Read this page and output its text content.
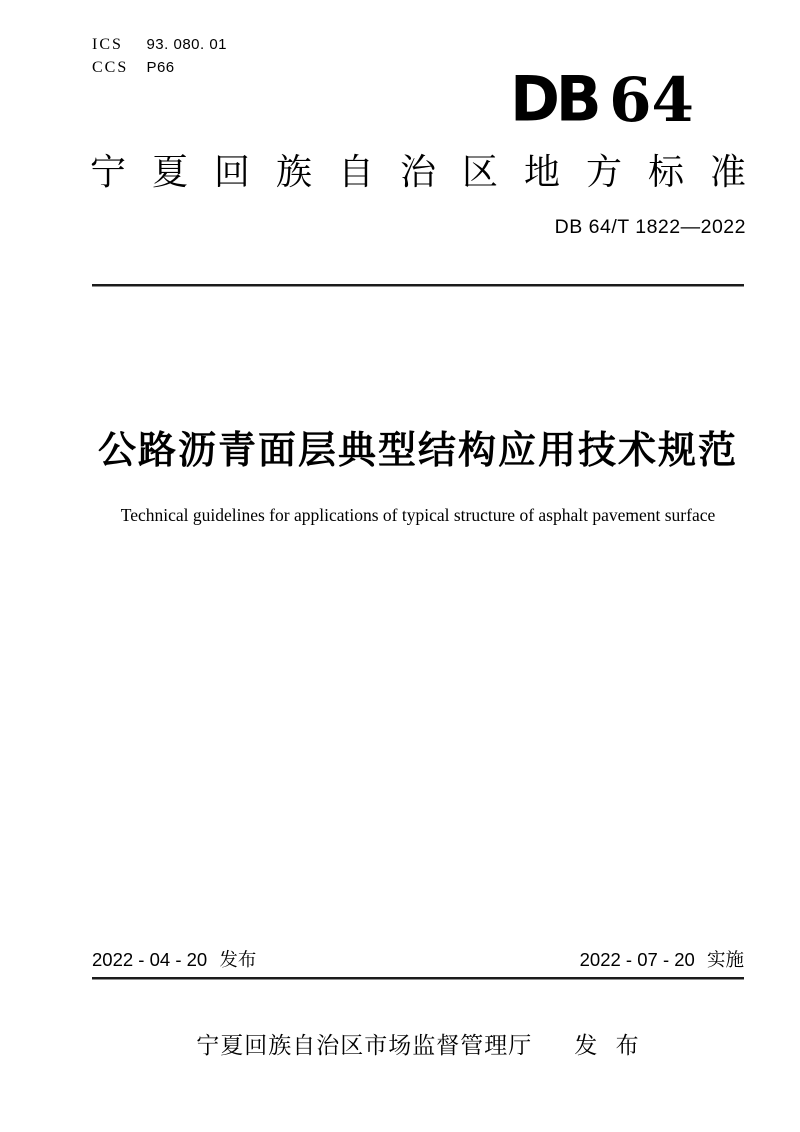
ICS 93. 080. 01
CCS P66	DB 64
宁 夏 回 族 自 治 区 地 方 标 准
DB 64/T 1822—2022
公路沥青面层典型结构应用技术规范
Technical guidelines for applications of typical structure of asphalt pavement surface
2022 - 04 - 20 发布	2022 - 07 - 20 实施
宁夏回族自治区市场监督管理厅 发 布
